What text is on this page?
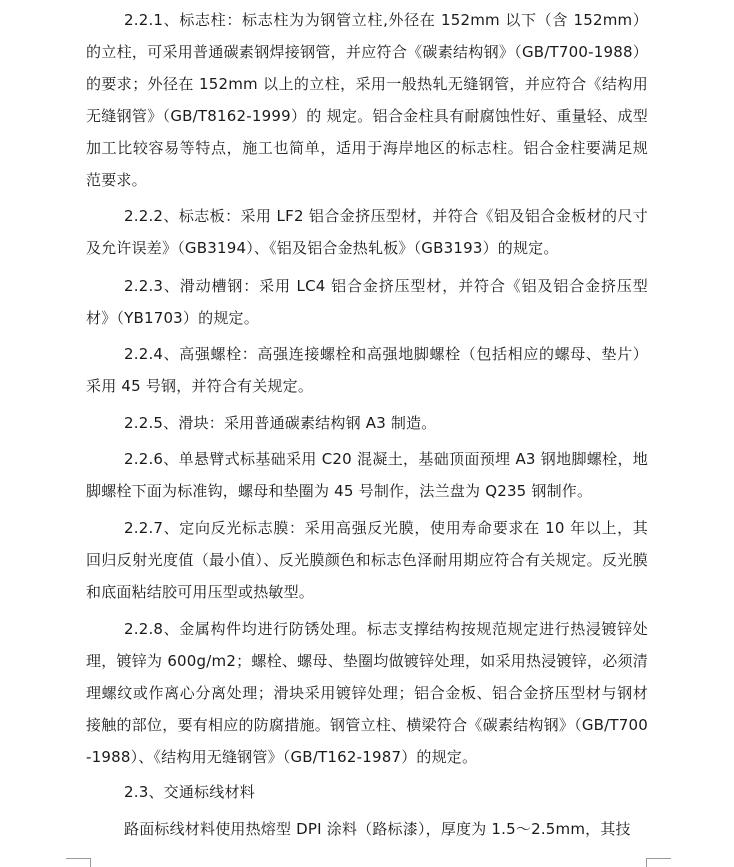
2.2.1、标志柱：标志柱为为钢管立柱,外径在 152mm 以下（含 152mm）的立柱，可采用普通碳素钢焊接钢管，并应符合《碳素结构钢》（GB/T700-1988）的要求；外径在 152mm 以上的立柱，采用一般热轧无缝钢管，并应符合《结构用无缝钢管》（GB/T8162-1999）的 规定。铝合金柱具有耐腐蚀性好、重量轻、成型加工比较容易等特点，施工也简单，适用于海岸地区的标志柱。铝合金柱要满足规范要求。

2.2.2、标志板：采用 LF2 铝合金挤压型材，并符合《铝及铝合金板材的尺寸及允许误差》（GB3194）、《铝及铝合金热轧板》（GB3193）的规定。

2.2.3、滑动槽钢：采用 LC4 铝合金挤压型材，并符合《铝及铝合金挤压型材》（YB1703）的规定。

2.2.4、高强螺栓：高强连接螺栓和高强地脚螺栓（包括相应的螺母、垫片）采用 45 号钢，并符合有关规定。

2.2.5、滑块：采用普通碳素结构钢 A3 制造。

2.2.6、单悬臂式标基础采用 C20 混凝土，基础顶面预埋 A3 钢地脚螺栓，地脚螺栓下面为标准钩，螺母和垫圈为 45 号制作，法兰盘为 Q235 钢制作。

2.2.7、定向反光标志膜：采用高强反光膜，使用寿命要求在 10 年以上，其回归反射光度值（最小值）、反光膜颜色和标志色泽耐用期应符合有关规定。反光膜和底面粘结胶可用压型或热敏型。

2.2.8、金属构件均进行防锈处理。标志支撑结构按规范规定进行热浸镀锌处理，镀锌为 600g/m2；螺栓、螺母、垫圈均做镀锌处理，如采用热浸镀锌，必须清理螺纹或作离心分离处理；滑块采用镀锌处理；铝合金板、铝合金挤压型材与钢材接触的部位，要有相应的防腐措施。钢管立柱、横梁符合《碳素结构钢》（GB/T700-1988）、《结构用无缝钢管》（GB/T162-1987）的规定。

2.3、交通标线材料

路面标线材料使用热熔型 DPI 涂料（路标漆），厚度为 1.5～2.5mm，其技
